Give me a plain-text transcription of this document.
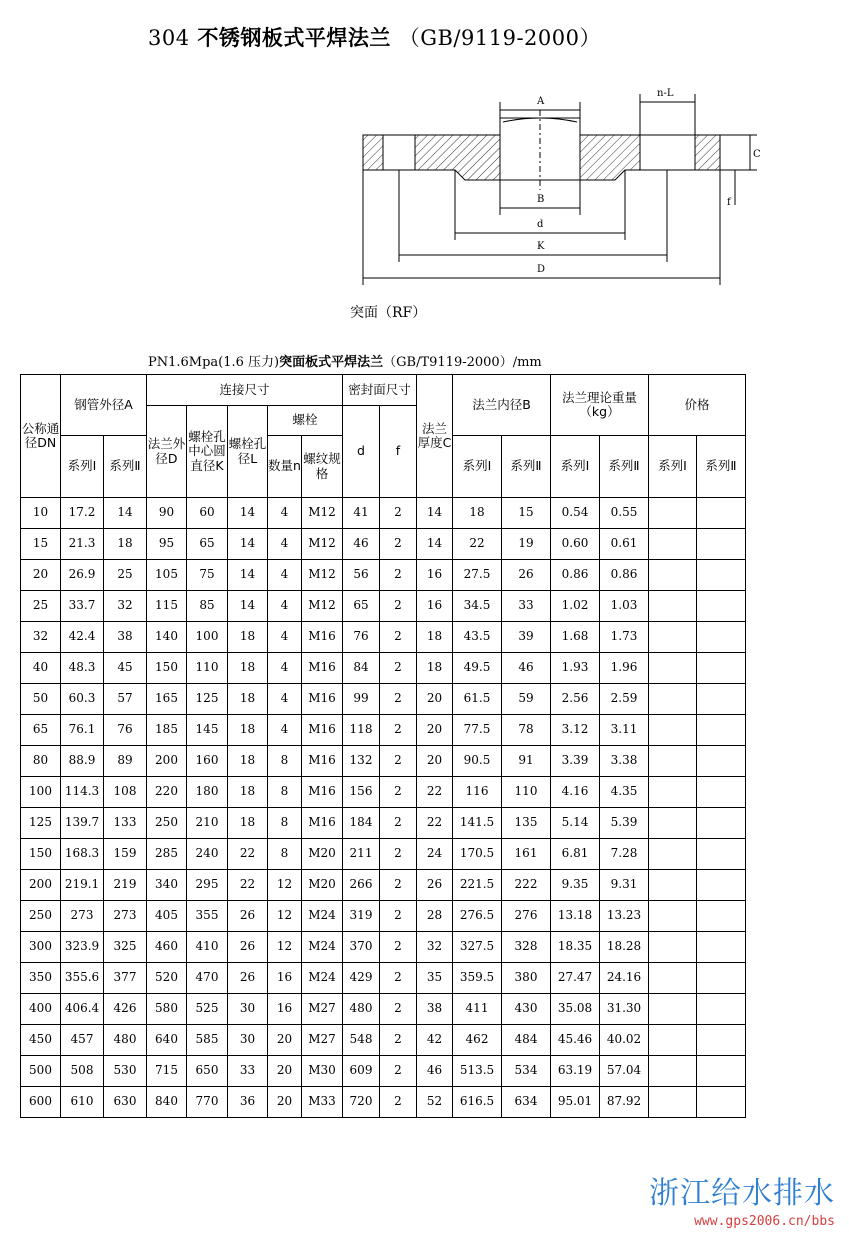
304 不锈钢板式平焊法兰 （GB/9119-2000）
A
n-L
C
f
B
d
K
D
突面（RF）
PN1.6Mpa(1.6 压力)突面板式平焊法兰（GB/T9119-2000）/mm
公称通径DN	钢管外径A		连接尺寸					密封面尺寸		法兰厚度C	法兰内径B		法兰理论重量（kg）		价格	
			法兰外径D	螺栓孔中心圆直径K	螺栓孔径L	螺栓		d	f							
	系列Ⅰ	系列Ⅱ				数量n	螺纹规格				系列Ⅰ	系列Ⅱ	系列Ⅰ	系列Ⅱ	系列Ⅰ	系列Ⅱ
10	17.2	14	90	60	14	4	M12	41	2	14	18	15	0.54	0.55		
15	21.3	18	95	65	14	4	M12	46	2	14	22	19	0.60	0.61		
20	26.9	25	105	75	14	4	M12	56	2	16	27.5	26	0.86	0.86		
25	33.7	32	115	85	14	4	M12	65	2	16	34.5	33	1.02	1.03		
32	42.4	38	140	100	18	4	M16	76	2	18	43.5	39	1.68	1.73		
40	48.3	45	150	110	18	4	M16	84	2	18	49.5	46	1.93	1.96		
50	60.3	57	165	125	18	4	M16	99	2	20	61.5	59	2.56	2.59		
65	76.1	76	185	145	18	4	M16	118	2	20	77.5	78	3.12	3.11		
80	88.9	89	200	160	18	8	M16	132	2	20	90.5	91	3.39	3.38		
100	114.3	108	220	180	18	8	M16	156	2	22	116	110	4.16	4.35		
125	139.7	133	250	210	18	8	M16	184	2	22	141.5	135	5.14	5.39		
150	168.3	159	285	240	22	8	M20	211	2	24	170.5	161	6.81	7.28		
200	219.1	219	340	295	22	12	M20	266	2	26	221.5	222	9.35	9.31		
250	273	273	405	355	26	12	M24	319	2	28	276.5	276	13.18	13.23		
300	323.9	325	460	410	26	12	M24	370	2	32	327.5	328	18.35	18.28		
350	355.6	377	520	470	26	16	M24	429	2	35	359.5	380	27.47	24.16		
400	406.4	426	580	525	30	16	M27	480	2	38	411	430	35.08	31.30		
450	457	480	640	585	30	20	M27	548	2	42	462	484	45.46	40.02		
500	508	530	715	650	33	20	M30	609	2	46	513.5	534	63.19	57.04		
600	610	630	840	770	36	20	M33	720	2	52	616.5	634	95.01	87.92		
浙江给水排水
www.gps2006.cn/bbs
